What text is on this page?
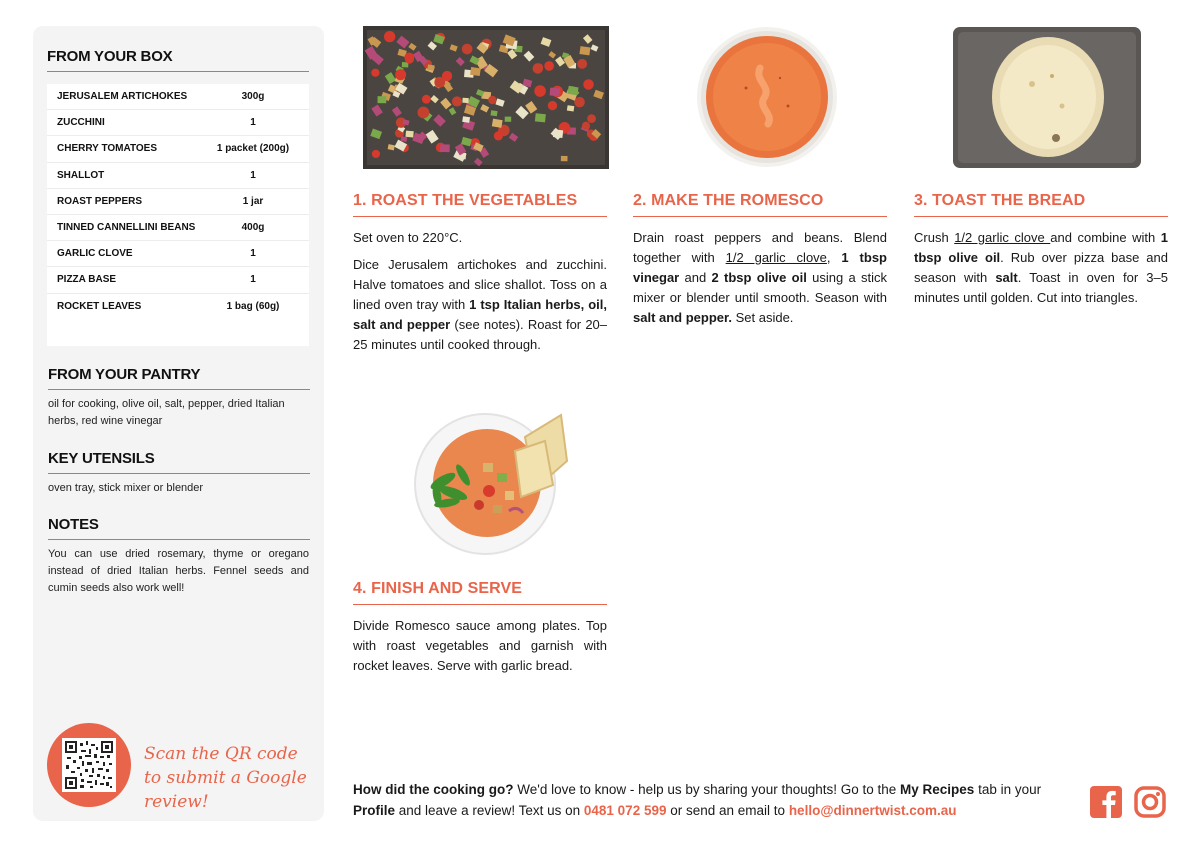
FROM YOUR BOX
JERUSALEM ARTICHOKES	300g
ZUCCHINI	1
CHERRY TOMATOES	1 packet (200g)
SHALLOT	1
ROAST PEPPERS	1 jar
TINNED CANNELLINI BEANS	400g
GARLIC CLOVE	1
PIZZA BASE	1
ROCKET LEAVES	1 bag (60g)
FROM YOUR PANTRY
oil for cooking, olive oil, salt, pepper, dried Italian herbs, red wine vinegar
KEY UTENSILS
oven tray, stick mixer or blender
NOTES
You can use dried rosemary, thyme or oregano instead of dried Italian herbs. Fennel seeds and cumin seeds also work well!
Scan the QR code to submit a Google review!
1. ROAST THE VEGETABLES

Set oven to 220°C.

Dice Jerusalem artichokes and zucchini. Halve tomatoes and slice shallot. Toss on a lined oven tray with 1 tsp Italian herbs, oil, salt and pepper (see notes). Roast for 20–25 minutes until cooked through.

2. MAKE THE ROMESCO

Drain roast peppers and beans. Blend together with 1/2 garlic clove, 1 tbsp vinegar and 2 tbsp olive oil using a stick mixer or blender until smooth. Season with salt and pepper. Set aside.

3. TOAST THE BREAD

Crush 1/2 garlic clove and combine with 1 tbsp olive oil. Rub over pizza base and season with salt. Toast in oven for 3–5 minutes until golden. Cut into triangles.

4. FINISH AND SERVE

Divide Romesco sauce among plates. Top with roast vegetables and garnish with rocket leaves. Serve with garlic bread.

How did the cooking go? We'd love to know - help us by sharing your thoughts! Go to the My Recipes tab in your Profile and leave a review! Text us on 0481 072 599 or send an email to hello@dinnertwist.com.au
